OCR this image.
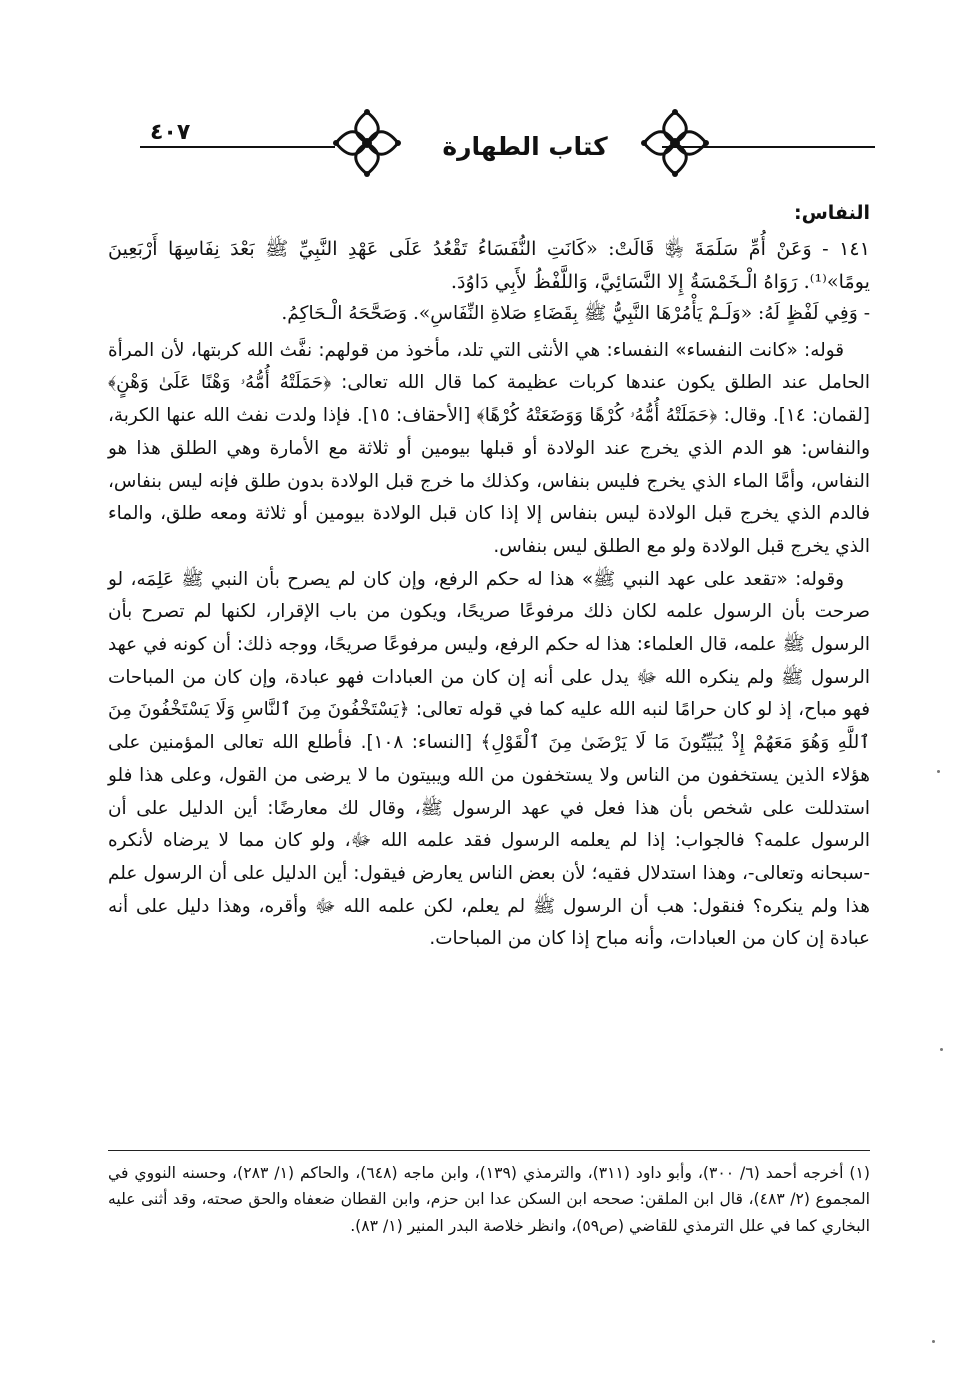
٤٠٧	كتاب الطهارة

النفاس:

١٤١ - وَعَنْ أُمِّ سَلَمَةَ ﵂ قَالَتْ: «كَانَتِ النُّفَسَاءُ تَقْعُدُ عَلَى عَهْدِ النَّبِيِّ ﷺ بَعْدَ نِفَاسِهَا أَرْبَعِينَ يومًا»⁽¹⁾. رَوَاهُ الْـخَمْسَةُ إِلا النَّسَائِيَّ، وَاللَّفْظُ لأَبِي دَاوُدَ.

- وَفِي لَفْظٍ لَهُ: «وَلَـمْ يَأْمُرْهَا النَّبِيُّ ﷺ بِقَضَاءِ صَلاةِ النِّفَاسِ». وَصَحَّحَهُ الْـحَاكِمُ.

قوله: «كانت النفساء» النفساء: هي الأنثى التي تلد، مأخوذ من قولهم: نفَّث الله كربتها، لأن المرأة الحامل عند الطلق يكون عندها كربات عظيمة كما قال الله تعالى: ﴿حَمَلَتْهُ أُمُّهُۥ وَهْنًا عَلَىٰ وَهْنٍ﴾ [لقمان: ١٤]. وقال: ﴿حَمَلَتْهُ أُمُّهُۥ كُرْهًا وَوَضَعَتْهُ كُرْهًا﴾ [الأحقاف: ١٥]. فإذا ولدت نفث الله عنها الكربة، والنفاس: هو الدم الذي يخرج عند الولادة أو قبلها بيومين أو ثلاثة مع الأمارة وهي الطلق هذا هو النفاس، وأمَّا الماء الذي يخرج فليس بنفاس، وكذلك ما خرج قبل الولادة بدون طلق فإنه ليس بنفاس، فالدم الذي يخرج قبل الولادة ليس بنفاس إلا إذا كان قبل الولادة بيومين أو ثلاثة ومعه طلق، والماء الذي يخرج قبل الولادة ولو مع الطلق ليس بنفاس.

وقوله: «تقعد على عهد النبي ﷺ» هذا له حكم الرفع، وإن كان لم يصرح بأن النبي ﷺ عَلِمَه، لو صرحت بأن الرسول علمه لكان ذلك مرفوعًا صريحًا، ويكون من باب الإقرار، لكنها لم تصرح بأن الرسول ﷺ علمه، قال العلماء: هذا له حكم الرفع، وليس مرفوعًا صريحًا، ووجه ذلك: أن كونه في عهد الرسول ﷺ ولم ينكره الله ﷻ يدل على أنه إن كان من العبادات فهو عبادة، وإن كان من المباحات فهو مباح، إذ لو كان حرامًا لنبه الله عليه كما في قوله تعالى: ﴿يَسْتَخْفُونَ مِنَ ٱلنَّاسِ وَلَا يَسْتَخْفُونَ مِنَ ٱللَّهِ وَهُوَ مَعَهُمْ إِذْ يُبَيِّتُونَ مَا لَا يَرْضَىٰ مِنَ ٱلْقَوْلِ﴾ [النساء: ١٠٨]. فأطلع الله تعالى المؤمنين على هؤلاء الذين يستخفون من الناس ولا يستخفون من الله ويبيتون ما لا يرضى من القول، وعلى هذا فلو استدللت على شخص بأن هذا فعل في عهد الرسول ﷺ، وقال لك معارضًا: أين الدليل على أن الرسول علمه؟ فالجواب: إذا لم يعلمه الرسول فقد علمه الله ﷻ، ولو كان مما لا يرضاه لأنكره -سبحانه وتعالى-، وهذا استدلال فقيه؛ لأن بعض الناس يعارض فيقول: أين الدليل على أن الرسول علم هذا ولم ينكره؟ فنقول: هب أن الرسول ﷺ لم يعلم، لكن علمه الله ﷻ وأقره، وهذا دليل على أنه عبادة إن كان من العبادات، وأنه مباح إذا كان من المباحات.

(١) أخرجه أحمد (٦/ ٣٠٠)، وأبو داود (٣١١)، والترمذي (١٣٩)، وابن ماجه (٦٤٨)، والحاكم (١/ ٢٨٣)، وحسنه النووي في المجموع (٢/ ٤٨٣)، قال ابن الملقن: صححه ابن السكن عدا ابن حزم، وابن القطان ضعفاه والحق صحته، وقد أثنى عليه البخاري كما في علل الترمذي للقاضي (ص٥٩)، وانظر خلاصة البدر المنير (١/ ٨٣).
